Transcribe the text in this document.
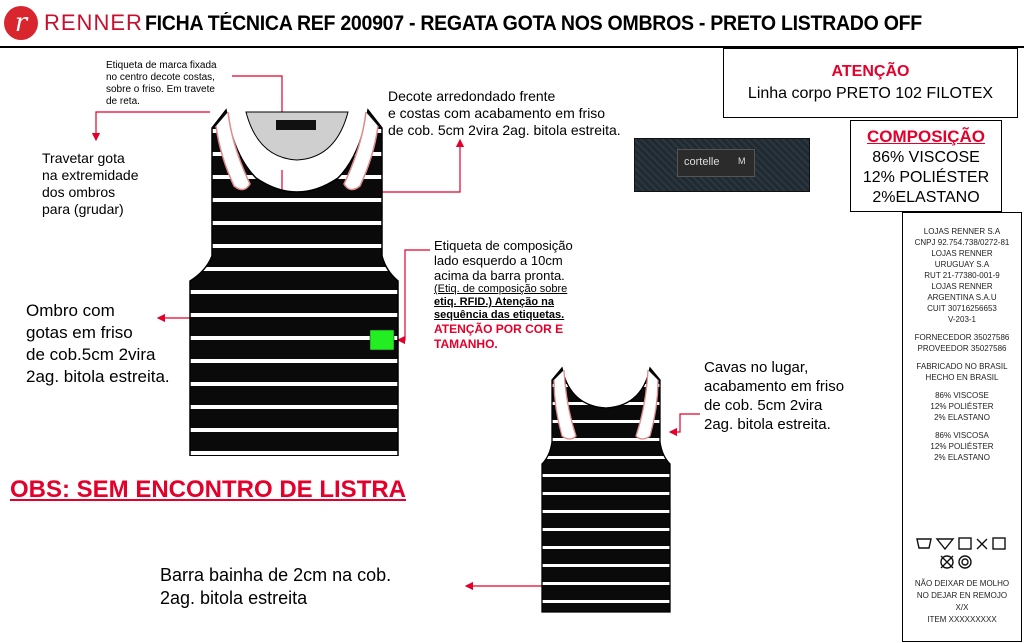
r RENNER FICHA TÉCNICA REF 200907 - REGATA GOTA NOS OMBROS - PRETO LISTRADO OFF
ATENÇÃO
Linha corpo PRETO 102 FILOTEX
COMPOSIÇÃO
86% VISCOSE
12% POLIÉSTER
2%ELASTANO
cortelle M
LOJAS RENNER S.A
CNPJ 92.754.738/0272-81
LOJAS RENNER
URUGUAY S.A
RUT 21-77380-001-9
LOJAS RENNER
ARGENTINA S.A.U
CUIT 30716256653
V-203-1
FORNECEDOR 35027586
PROVEEDOR 35027586
FABRICADO NO BRASIL
HECHO EN BRASIL
86% VISCOSE
12% POLIÉSTER
2% ELASTANO
86% VISCOSA
12% POLIÉSTER
2% ELASTANO
NÃO DEIXAR DE MOLHO
NO DEJAR EN REMOJO
X/X
ITEM XXXXXXXXX
Etiqueta de marca fixada
no centro decote costas,
sobre o friso. Em travete
de reta.	Decote arredondado frente
e costas com acabamento em friso
de cob. 5cm 2vira 2ag. bitola estreita.
Travetar gota
na extremidade
dos ombros
para (grudar)
Etiqueta de composição
lado esquerdo a 10cm
acima da barra pronta.
(Etiq. de composição sobre
etiq. RFID.) Atenção na
sequência das etiquetas.
ATENÇÃO POR COR E
TAMANHO.
Ombro com
gotas em friso
de cob.5cm 2vira
2ag. bitola estreita.	Cavas no lugar,
acabamento em friso
de cob. 5cm 2vira
2ag. bitola estreita.
OBS: SEM ENCONTRO DE LISTRA
Barra bainha de 2cm na cob.
2ag. bitola estreita
